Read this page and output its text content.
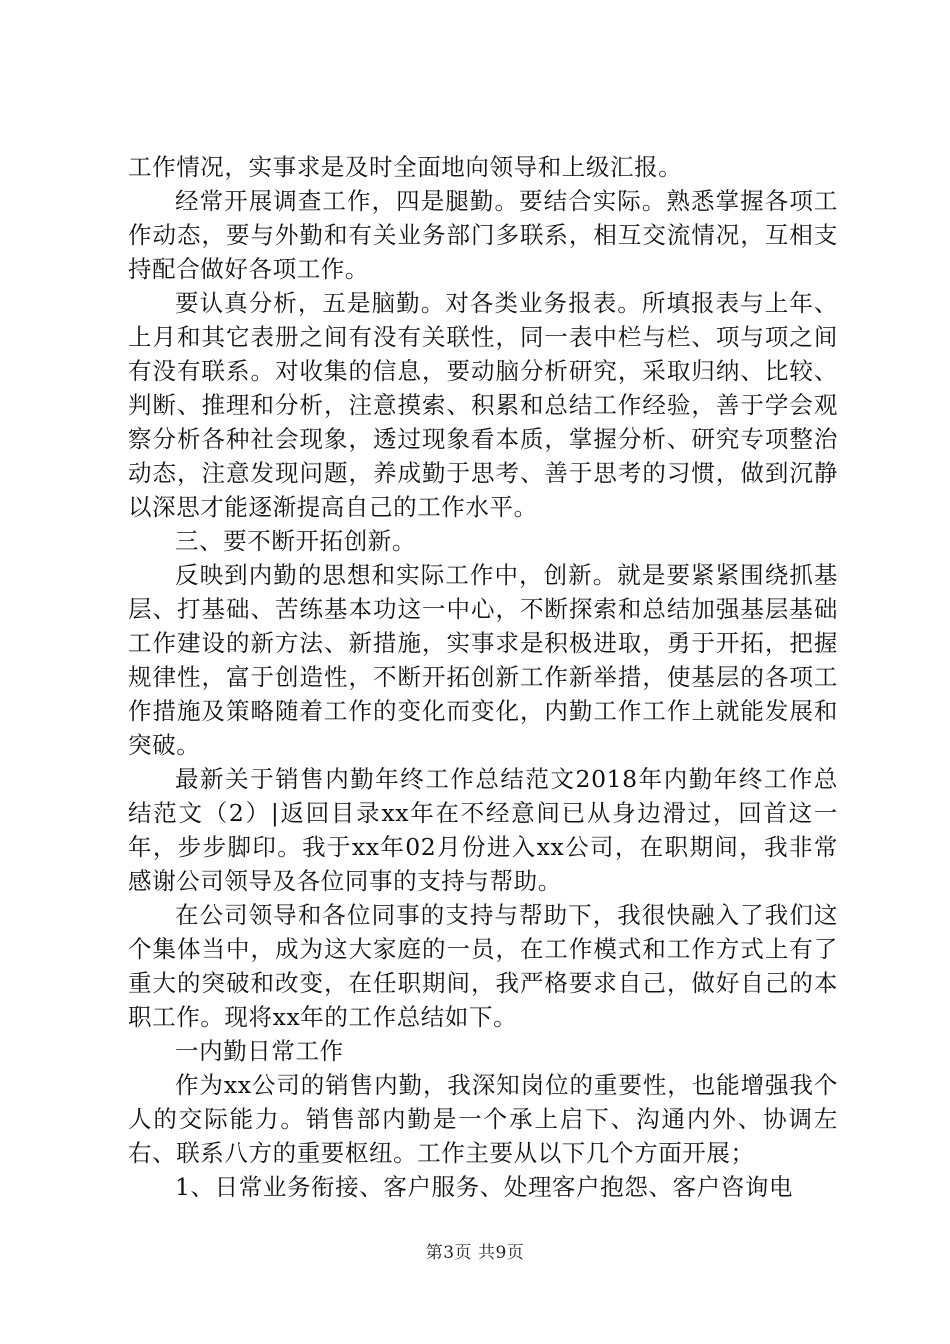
工作情况，实事求是及时全面地向领导和上级汇报。

经常开展调查工作，四是腿勤。要结合实际。熟悉掌握各项工作动态，要与外勤和有关业务部门多联系，相互交流情况，互相支持配合做好各项工作。

要认真分析，五是脑勤。对各类业务报表。所填报表与上年、上月和其它表册之间有没有关联性，同一表中栏与栏、项与项之间有没有联系。对收集的信息，要动脑分析研究，采取归纳、比较、判断、推理和分析，注意摸索、积累和总结工作经验，善于学会观察分析各种社会现象，透过现象看本质，掌握分析、研究专项整治动态，注意发现问题，养成勤于思考、善于思考的习惯，做到沉静以深思才能逐渐提高自己的工作水平。

三、要不断开拓创新。

反映到内勤的思想和实际工作中，创新。就是要紧紧围绕抓基层、打基础、苦练基本功这一中心，不断探索和总结加强基层基础工作建设的新方法、新措施，实事求是积极进取，勇于开拓，把握规律性，富于创造性，不断开拓创新工作新举措，使基层的各项工作措施及策略随着工作的变化而变化，内勤工作工作上就能发展和突破。

最新关于销售内勤年终工作总结范文2018年内勤年终工作总结范文（2）|返回目录xx年在不经意间已从身边滑过，回首这一年，步步脚印。我于xx年02月份进入xx公司，在职期间，我非常感谢公司领导及各位同事的支持与帮助。

在公司领导和各位同事的支持与帮助下，我很快融入了我们这个集体当中，成为这大家庭的一员，在工作模式和工作方式上有了重大的突破和改变，在任职期间，我严格要求自己，做好自己的本职工作。现将xx年的工作总结如下。

一内勤日常工作

作为xx公司的销售内勤，我深知岗位的重要性，也能增强我个人的交际能力。销售部内勤是一个承上启下、沟通内外、协调左右、联系八方的重要枢纽。工作主要从以下几个方面开展；

1、日常业务衔接、客户服务、处理客户抱怨、客户咨询电

第3页 共9页
